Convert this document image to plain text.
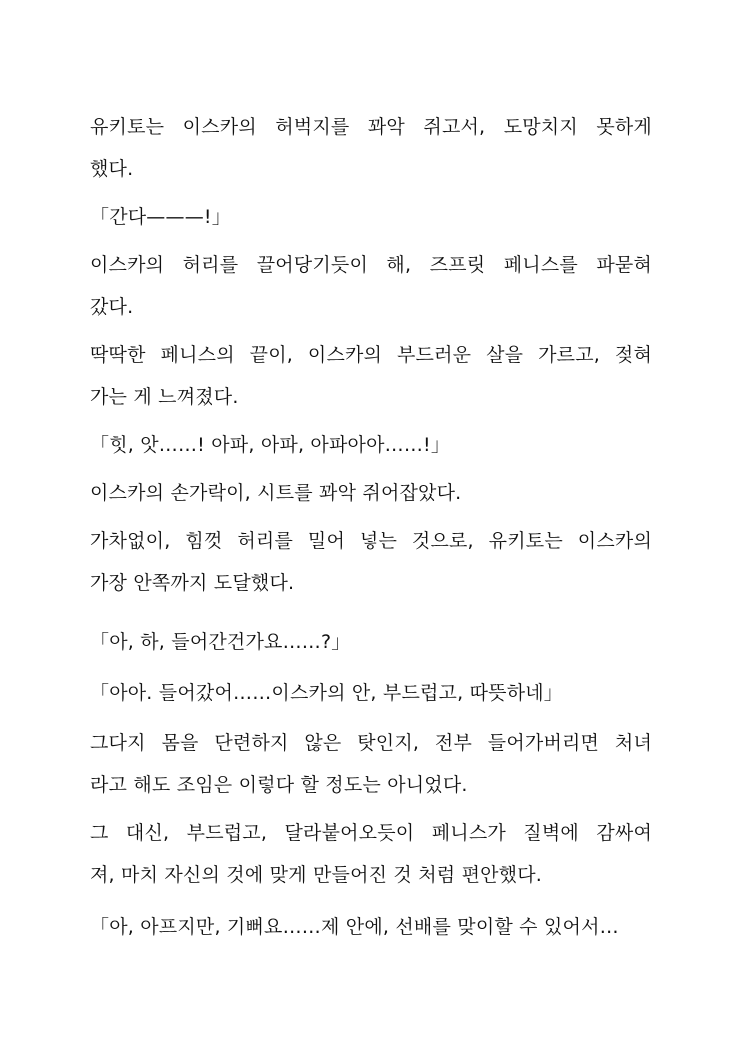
유키토는 이스카의 허벅지를 꽈악 쥐고서, 도망치지 못하게
했다.

「간다———!」

이스카의 허리를 끌어당기듯이 해, 즈프릿 페니스를 파묻혀
갔다.

딱딱한 페니스의 끝이, 이스카의 부드러운 살을 가르고, 젖혀
가는 게 느껴졌다.

「힛, 앗……! 아파, 아파, 아파아아……!」

이스카의 손가락이, 시트를 꽈악 쥐어잡았다.

가차없이, 힘껏 허리를 밀어 넣는 것으로, 유키토는 이스카의
가장 안쪽까지 도달했다.

「아, 하, 들어간건가요……?」

「아아. 들어갔어……이스카의 안, 부드럽고, 따뜻하네」

그다지 몸을 단련하지 않은 탓인지, 전부 들어가버리면 처녀
라고 해도 조임은 이렇다 할 정도는 아니었다.

그 대신, 부드럽고, 달라붙어오듯이 페니스가 질벽에 감싸여
져, 마치 자신의 것에 맞게 만들어진 것 처럼 편안했다.

「아, 아프지만, 기뻐요……제 안에, 선배를 맞이할 수 있어서…
